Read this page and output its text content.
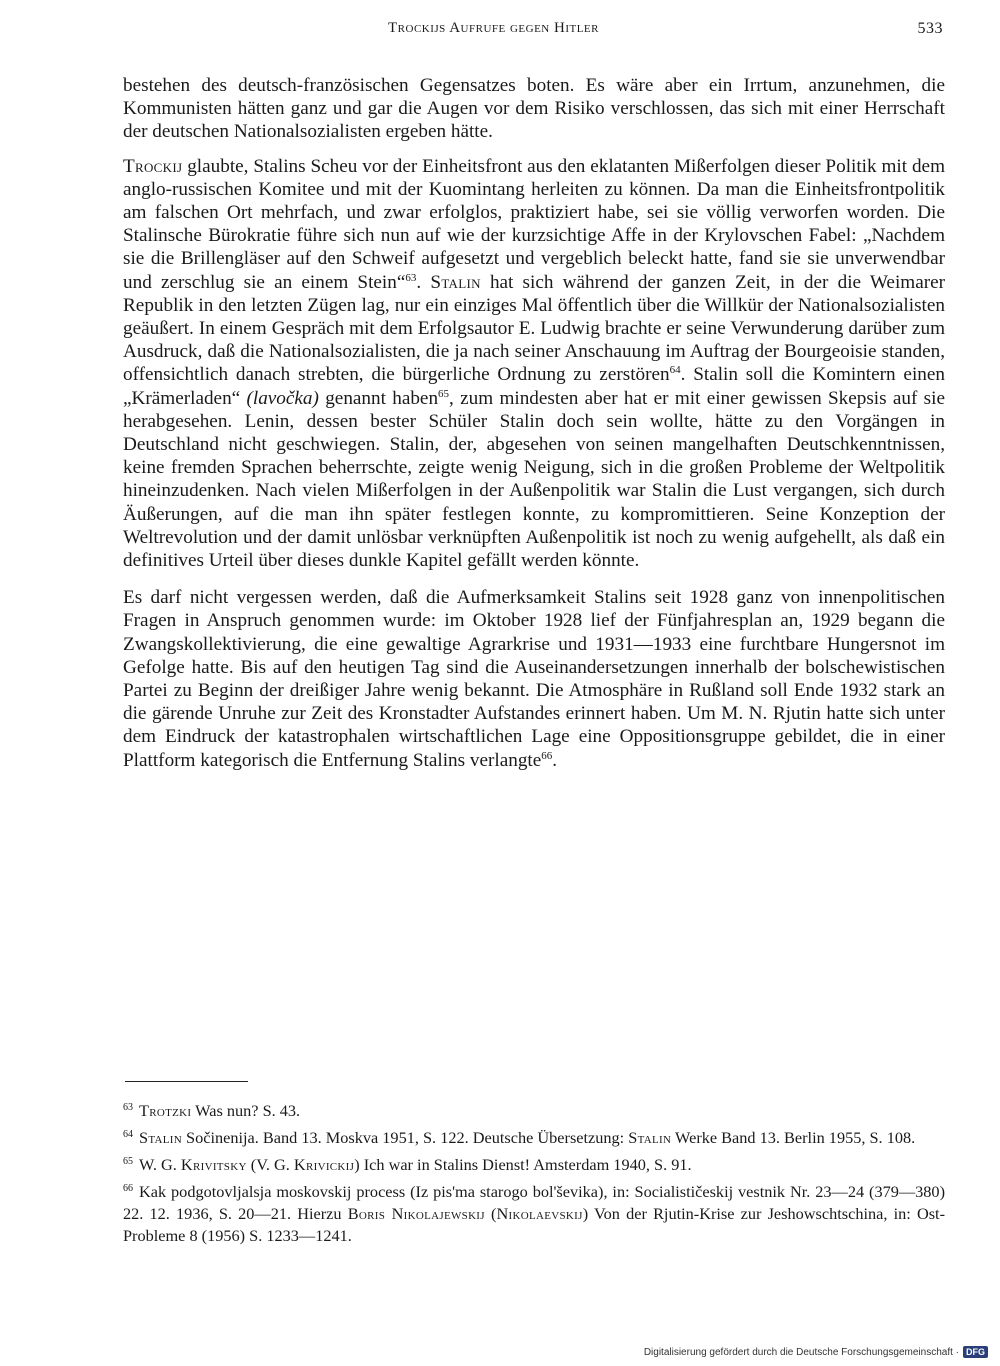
Trockijs Aufrufe gegen Hitler	533

bestehen des deutsch-französischen Gegensatzes boten. Es wäre aber ein Irrtum, anzunehmen, die Kommunisten hätten ganz und gar die Augen vor dem Risiko verschlossen, das sich mit einer Herrschaft der deutschen Nationalsozialisten ergeben hätte.

Trockij glaubte, Stalins Scheu vor der Einheitsfront aus den eklatanten Mißerfolgen dieser Politik mit dem anglo-russischen Komitee und mit der Kuomintang herleiten zu können. Da man die Einheitsfrontpolitik am falschen Ort mehrfach, und zwar erfolglos, praktiziert habe, sei sie völlig verworfen worden. Die Stalinsche Bürokratie führe sich nun auf wie der kurzsichtige Affe in der Krylovschen Fabel: „Nachdem sie die Brillengläser auf den Schweif aufgesetzt und vergeblich beleckt hatte, fand sie sie unverwendbar und zerschlug sie an einem Stein“$^{63}$. Stalin hat sich während der ganzen Zeit, in der die Weimarer Republik in den letzten Zügen lag, nur ein einziges Mal öffentlich über die Willkür der Nationalsozialisten geäußert. In einem Gespräch mit dem Erfolgsautor E. Ludwig brachte er seine Verwunderung darüber zum Ausdruck, daß die Nationalsozialisten, die ja nach seiner Anschauung im Auftrag der Bourgeoisie standen, offensichtlich danach strebten, die bürgerliche Ordnung zu zerstören$^{64}$. Stalin soll die Komintern einen „Krämerladen“ (lavočka) genannt haben$^{65}$, zum mindesten aber hat er mit einer gewissen Skepsis auf sie herabgesehen. Lenin, dessen bester Schüler Stalin doch sein wollte, hätte zu den Vorgängen in Deutschland nicht geschwiegen. Stalin, der, abgesehen von seinen mangelhaften Deutschkenntnissen, keine fremden Sprachen beherrschte, zeigte wenig Neigung, sich in die großen Probleme der Weltpolitik hineinzudenken. Nach vielen Mißerfolgen in der Außenpolitik war Stalin die Lust vergangen, sich durch Äußerungen, auf die man ihn später festlegen konnte, zu kompromittieren. Seine Konzeption der Weltrevolution und der damit unlösbar verknüpften Außenpolitik ist noch zu wenig aufgehellt, als daß ein definitives Urteil über dieses dunkle Kapitel gefällt werden könnte.

Es darf nicht vergessen werden, daß die Aufmerksamkeit Stalins seit 1928 ganz von innenpolitischen Fragen in Anspruch genommen wurde: im Oktober 1928 lief der Fünfjahresplan an, 1929 begann die Zwangskollektivierung, die eine gewaltige Agrarkrise und 1931—1933 eine furchtbare Hungersnot im Gefolge hatte. Bis auf den heutigen Tag sind die Auseinandersetzungen innerhalb der bolschewistischen Partei zu Beginn der dreißiger Jahre wenig bekannt. Die Atmosphäre in Rußland soll Ende 1932 stark an die gärende Unruhe zur Zeit des Kronstadter Aufstandes erinnert haben. Um M. N. Rjutin hatte sich unter dem Eindruck der katastrophalen wirtschaftlichen Lage eine Oppositionsgruppe gebildet, die in einer Plattform kategorisch die Entfernung Stalins verlangte$^{66}$.

$^{63}$ Trotzki Was nun? S. 43.

$^{64}$ Stalin Sočinenija. Band 13. Moskva 1951, S. 122. Deutsche Übersetzung: Stalin Werke Band 13. Berlin 1955, S. 108.

$^{65}$ W. G. Krivitsky (V. G. Krivickij) Ich war in Stalins Dienst! Amsterdam 1940, S. 91.

$^{66}$ Kak podgotovljalsja moskovskij process (Iz pis'ma starogo bol'ševika), in: Socialističeskij vestnik Nr. 23—24 (379—380) 22. 12. 1936, S. 20—21. Hierzu Boris Nikolajewskij (Nikolaevskij) Von der Rjutin-Krise zur Jeshowschtschina, in: Ost-Probleme 8 (1956) S. 1233—1241.

Digitalisierung gefördert durch die Deutsche Forschungsgemeinschaft · DFG
